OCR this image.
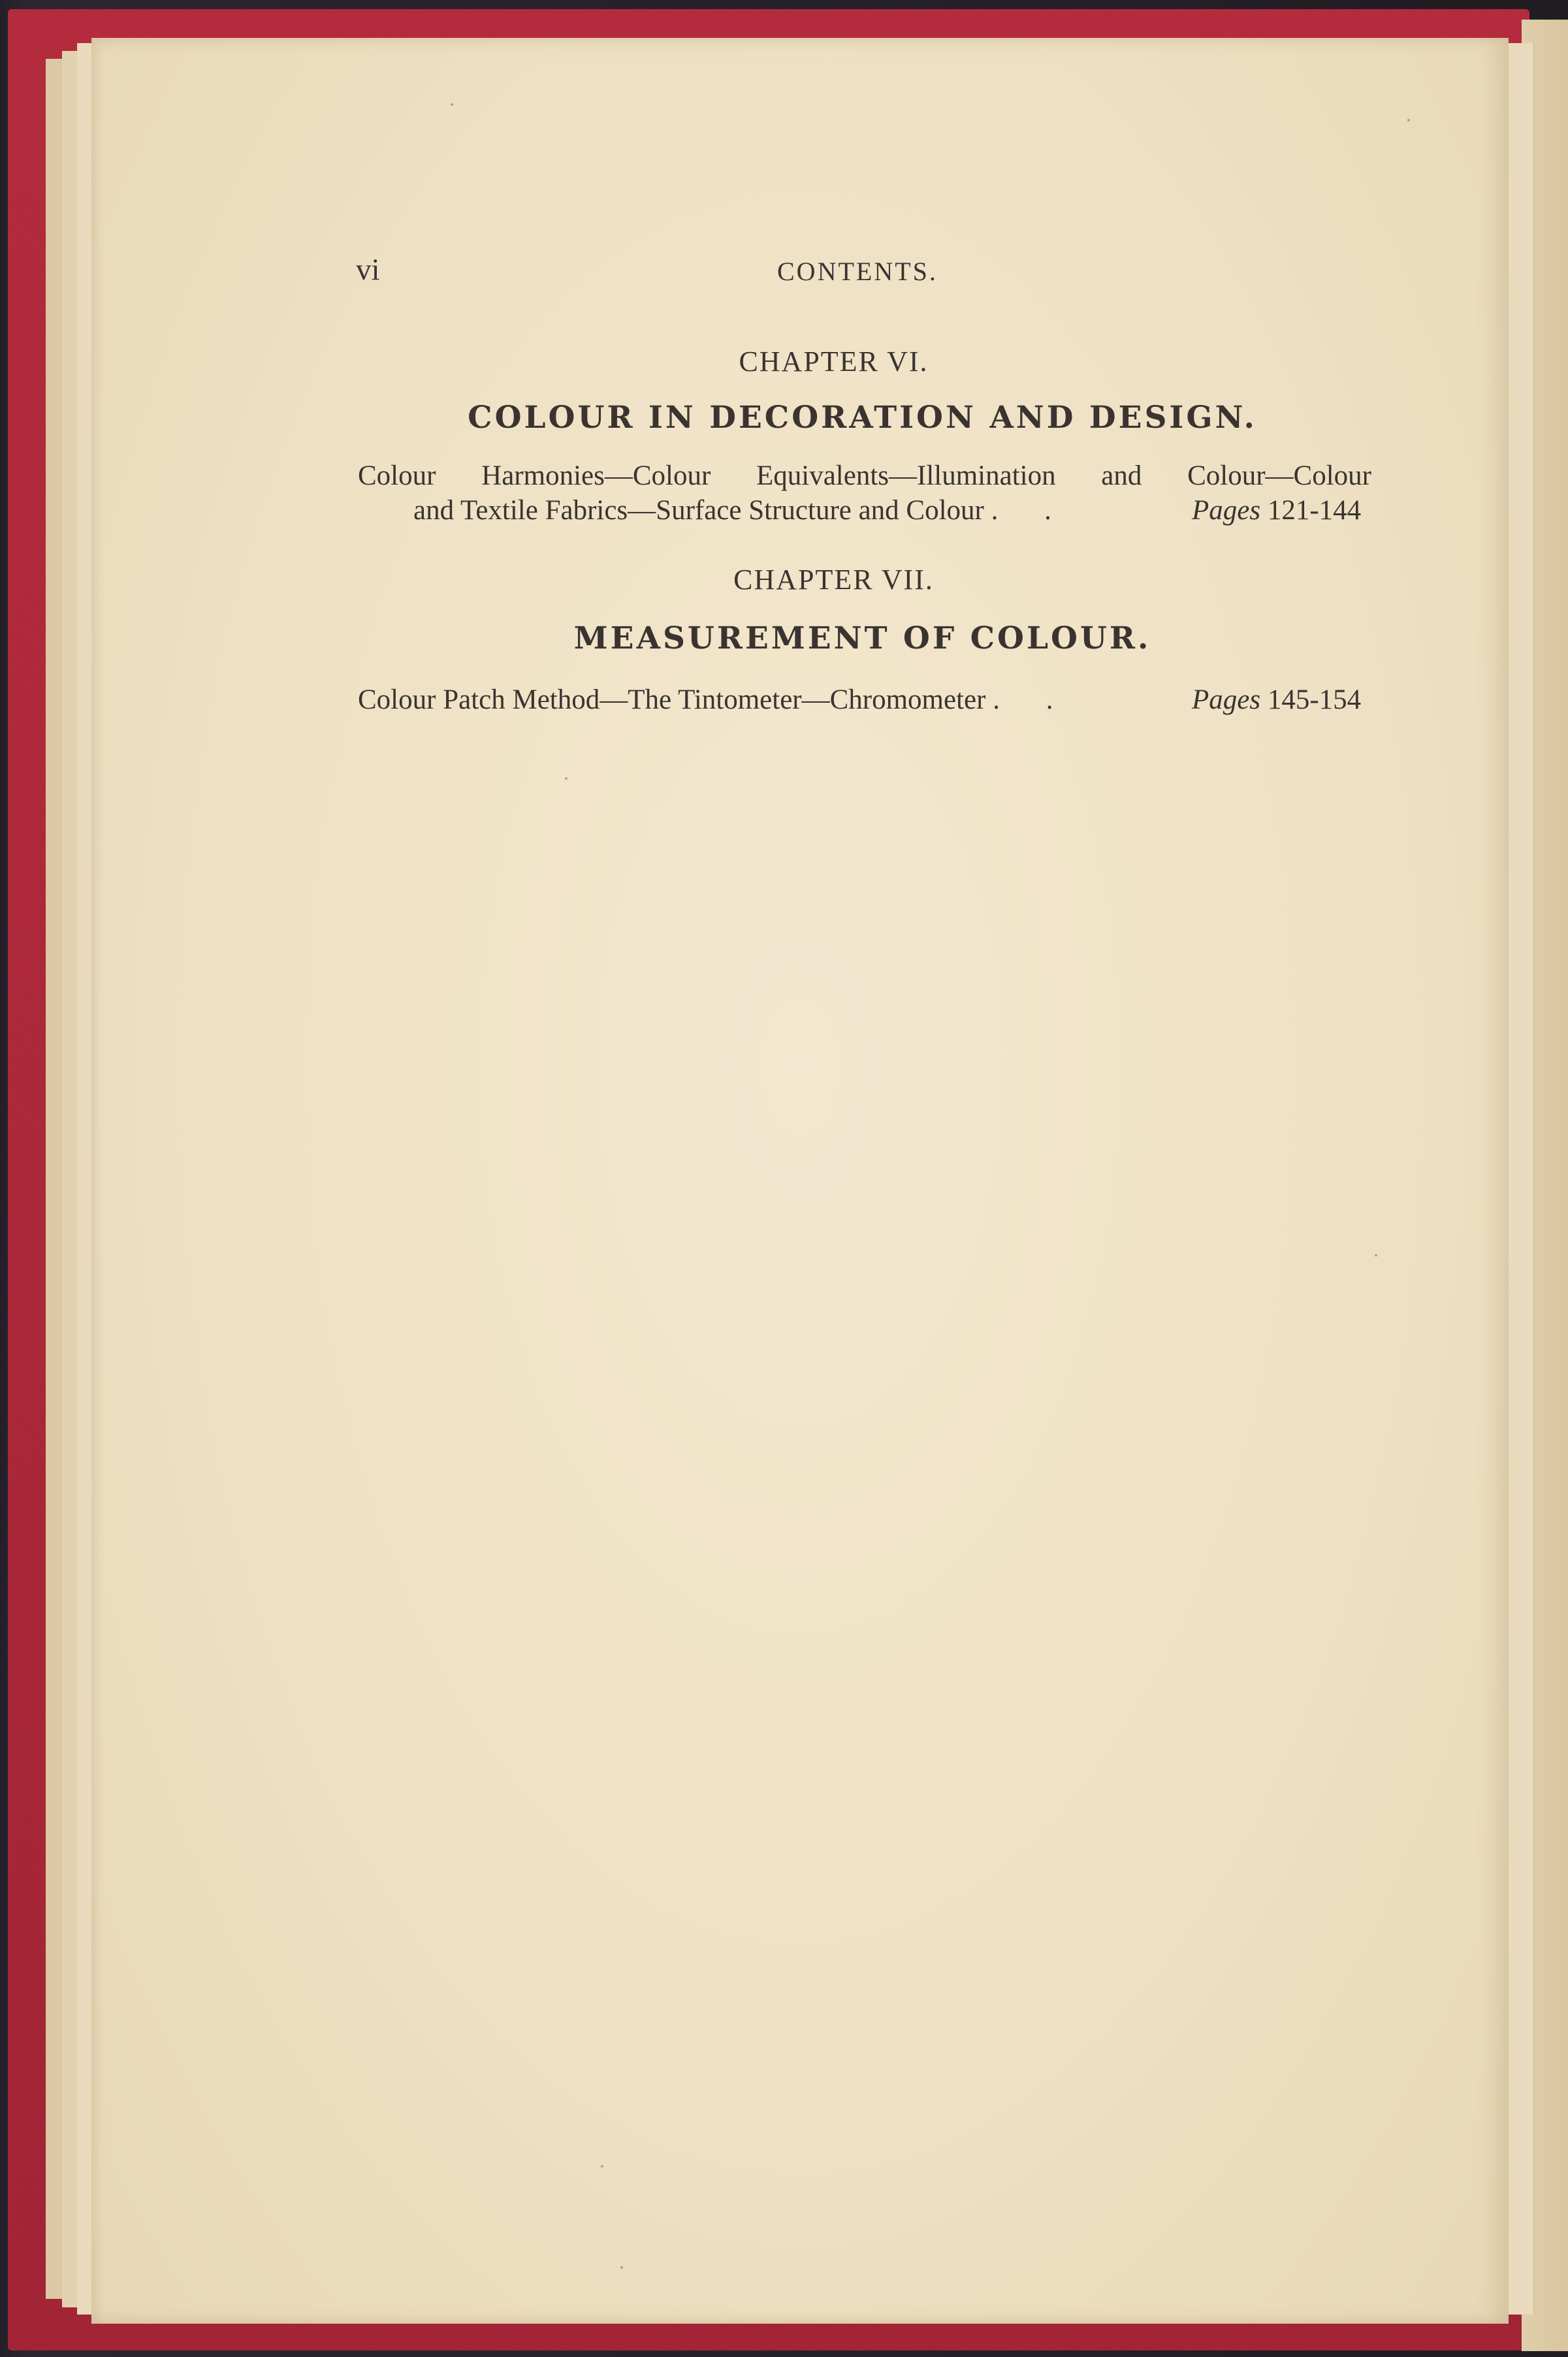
vi	CONTENTS.
CHAPTER VI.
COLOUR IN DECORATION AND DESIGN.
Colour Harmonies—Colour Equivalents—Illumination and Colour—Colour
and Textile Fabrics—Surface Structure and Colour . .	Pages 121-144
CHAPTER VII.
MEASUREMENT OF COLOUR.
Colour Patch Method—The Tintometer—Chromometer . .	Pages 145-154
